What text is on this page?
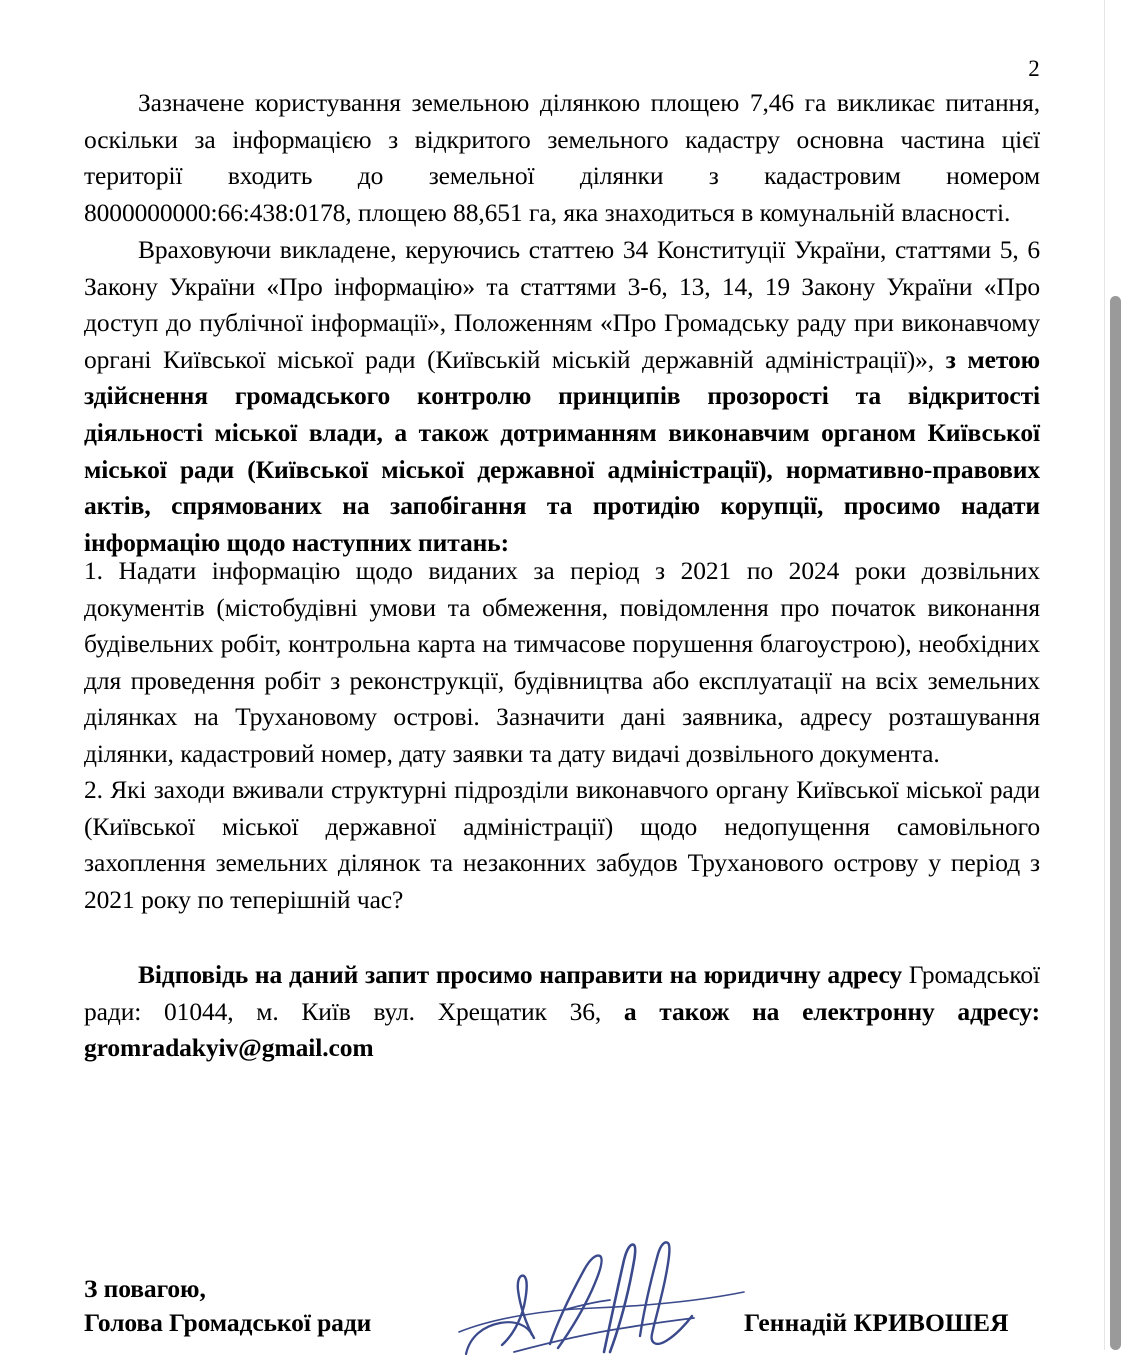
2

Зазначене користування земельною ділянкою площею 7,46 га викликає питання, оскільки за інформацією з відкритого земельного кадастру основна частина цієї території входить до земельної ділянки з кадастровим номером 8000000000:66:438:0178, площею 88,651 га, яка знаходиться в комунальній власності.

Враховуючи викладене, керуючись статтею 34 Конституції України, статтями 5, 6 Закону України «Про інформацію» та статтями 3-6, 13, 14, 19 Закону України «Про доступ до публічної інформації», Положенням «Про Громадську раду при виконавчому органі Київської міської ради (Київській міській державній адміністрації)», з метою здійснення громадського контролю принципів прозорості та відкритості діяльності міської влади, а також дотриманням виконавчим органом Київської міської ради (Київської міської державної адміністрації), нормативно-правових актів, спрямованих на запобігання та протидію корупції, просимо надати інформацію щодо наступних питань:

1. Надати інформацію щодо виданих за період з 2021 по 2024 роки дозвільних документів (містобудівні умови та обмеження, повідомлення про початок виконання будівельних робіт, контрольна карта на тимчасове порушення благоустрою), необхідних для проведення робіт з реконструкції, будівництва або експлуатації на всіх земельних ділянках на Трухановому острові. Зазначити дані заявника, адресу розташування ділянки, кадастровий номер, дату заявки та дату видачі дозвільного документа.

2. Які заходи вживали структурні підрозділи виконавчого органу Київської міської ради (Київської міської державної адміністрації) щодо недопущення самовільного захоплення земельних ділянок та незаконних забудов Труханового острову у період з 2021 року по теперішній час?

Відповідь на даний запит просимо направити на юридичну адресу Громадської ради: 01044, м. Київ вул. Хрещатик 36, а також на електронну адресу: gromradakyiv@gmail.com

З повагою,
Голова Громадської ради	Геннадій КРИВОШЕЯ
